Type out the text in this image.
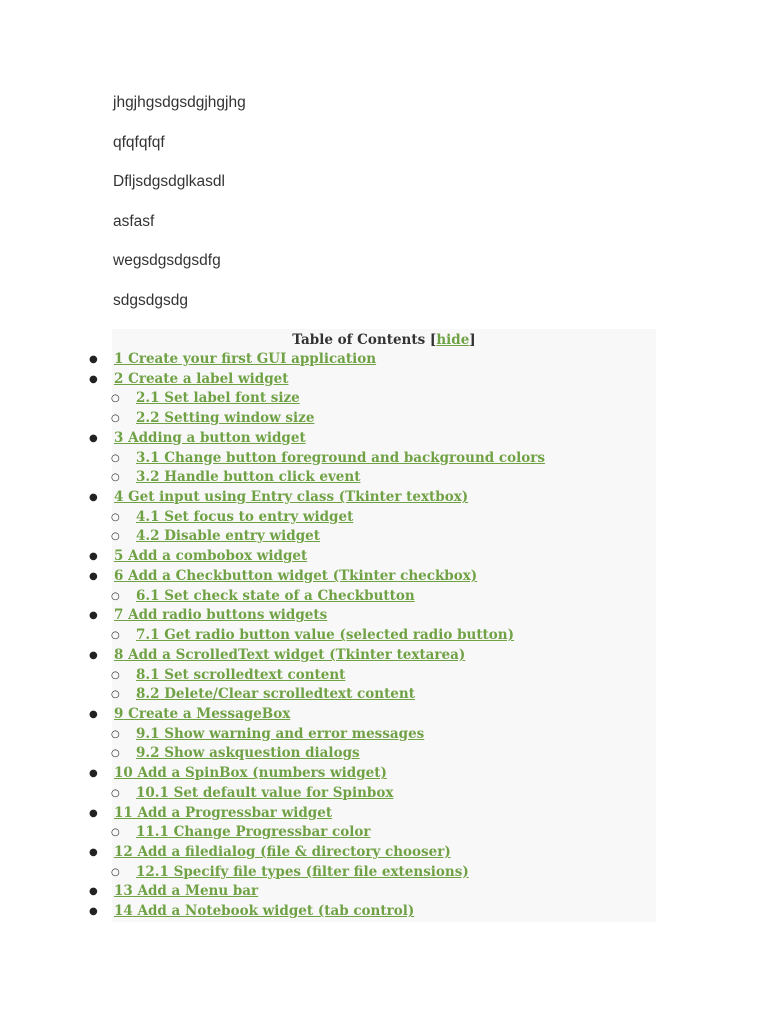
jhgjhgsdgsdgjhgjhg
qfqfqfqf
Dfljsdgsdglkasdl
asfasf
wegsdgsdgsdfg
sdgsdgsdg
Table of Contents [hide]
● 1 Create your first GUI application
● 2 Create a label widget
○ 2.1 Set label font size
○ 2.2 Setting window size
● 3 Adding a button widget
○ 3.1 Change button foreground and background colors
○ 3.2 Handle button click event
● 4 Get input using Entry class (Tkinter textbox)
○ 4.1 Set focus to entry widget
○ 4.2 Disable entry widget
● 5 Add a combobox widget
● 6 Add a Checkbutton widget (Tkinter checkbox)
○ 6.1 Set check state of a Checkbutton
● 7 Add radio buttons widgets
○ 7.1 Get radio button value (selected radio button)
● 8 Add a ScrolledText widget (Tkinter textarea)
○ 8.1 Set scrolledtext content
○ 8.2 Delete/Clear scrolledtext content
● 9 Create a MessageBox
○ 9.1 Show warning and error messages
○ 9.2 Show askquestion dialogs
● 10 Add a SpinBox (numbers widget)
○ 10.1 Set default value for Spinbox
● 11 Add a Progressbar widget
○ 11.1 Change Progressbar color
● 12 Add a filedialog (file & directory chooser)
○ 12.1 Specify file types (filter file extensions)
● 13 Add a Menu bar
● 14 Add a Notebook widget (tab control)
